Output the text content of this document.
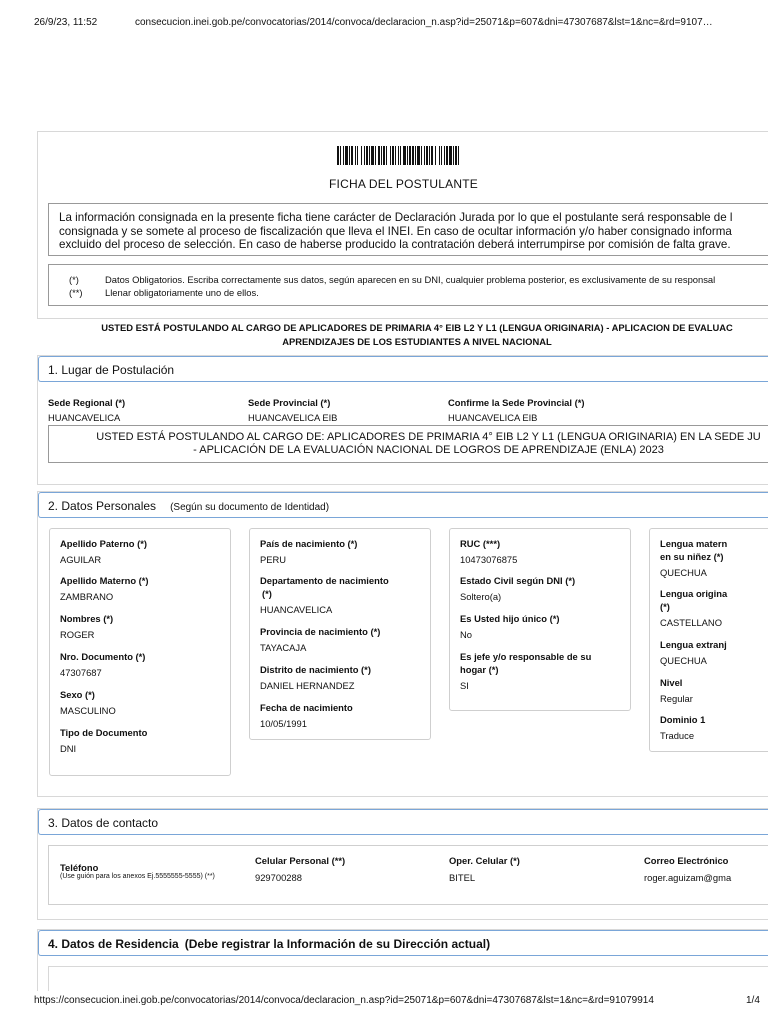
26/9/23, 11:52	consecucion.inei.gob.pe/convocatorias/2014/convoca/declaracion_n.asp?id=25071&p=607&dni=47307687&lst=1&nc=&rd=9107…
FICHA DEL POSTULANTE

La información consignada en la presente ficha tiene carácter de Declaración Jurada por lo que el postulante será responsable de l

consignada y se somete al proceso de fiscalización que lleva el INEI. En caso de ocultar información y/o haber consignado informa

excluido del proceso de selección. En caso de haberse producido la contratación deberá interrumpirse por comisión de falta grave.

(*)	Datos Obligatorios. Escriba correctamente sus datos, según aparecen en su DNI, cualquier problema posterior, es exclusivamente de su responsal
(**) Llenar obligatoriamente uno de ellos.
USTED ESTÁ POSTULANDO AL CARGO DE APLICADORES DE PRIMARIA 4° EIB L2 Y L1 (LENGUA ORIGINARIA) - APLICACION DE EVALUAC
APRENDIZAJES DE LOS ESTUDIANTES A NIVEL NACIONAL
1. Lugar de Postulación
Sede Regional (*)
HUANCAVELICA
Sede Provincial (*)
HUANCAVELICA EIB
Confirme la Sede Provincial (*)
HUANCAVELICA EIB
USTED ESTÁ POSTULANDO AL CARGO DE: APLICADORES DE PRIMARIA 4° EIB L2 Y L1 (LENGUA ORIGINARIA) EN LA SEDE JU
- APLICACIÓN DE LA EVALUACIÓN NACIONAL DE LOGROS DE APRENDIZAJE (ENLA) 2023
2. Datos Personales (Según su documento de Identidad)
Apellido Paterno (*)
AGUILAR
Apellido Materno (*)
ZAMBRANO
Nombres (*)
ROGER
Nro. Documento (*)
47307687
Sexo (*)
MASCULINO
Tipo de Documento
DNI
País de nacimiento (*)
PERU
Departamento de nacimiento
(*)
HUANCAVELICA
Provincia de nacimiento (*)
TAYACAJA
Distrito de nacimiento (*)
DANIEL HERNANDEZ
Fecha de nacimiento
10/05/1991
RUC (***)
10473076875
Estado Civil según DNI (*)
Soltero(a)
Es Usted hijo único (*)
No
Es jefe y/o responsable de su
hogar (*)
SI
Lengua matern
en su niñez (*)
QUECHUA
Lengua origina
(*)
CASTELLANO
Lengua extranj
QUECHUA
Nivel
Regular
Dominio 1
Traduce
3. Datos de contacto
Teléfono
(Use guión para los anexos Ej.5555555-5555) (**)
Celular Personal (**)
929700288
Oper. Celular (*)
BITEL
Correo Electrónico
roger.aguizam@gma
4. Datos de Residencia (Debe registrar la Información de su Dirección actual)
https://consecucion.inei.gob.pe/convocatorias/2014/convoca/declaracion_n.asp?id=25071&p=607&dni=47307687&lst=1&nc=&rd=91079914	1/4
